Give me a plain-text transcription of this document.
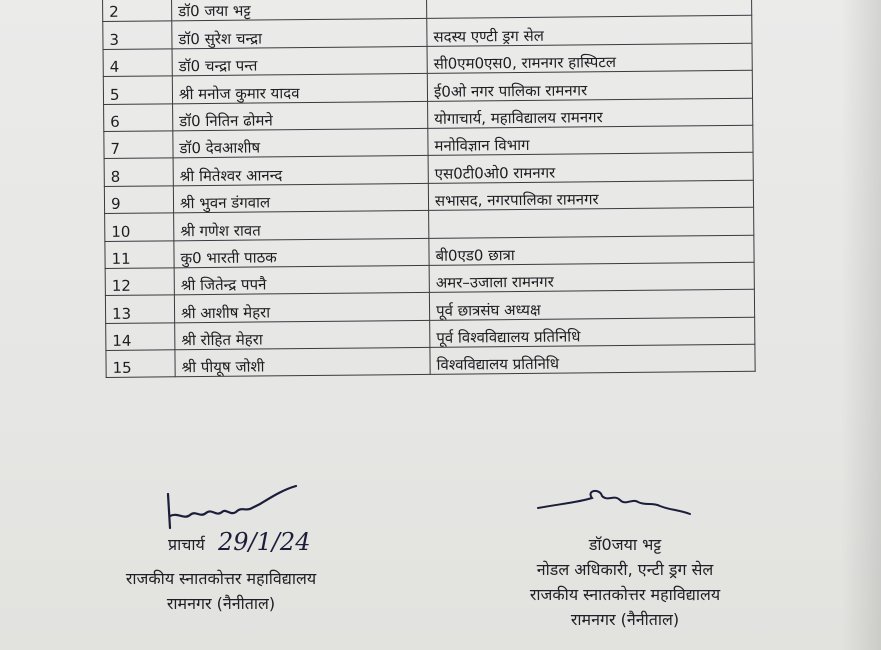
2	डॉ0 जया भट्ट	
3	डॉ0 सुरेश चन्द्रा	सदस्य एण्टी ड्रग सेल
4	डॉ0 चन्द्रा पन्त	सी0एम0एस0, रामनगर हास्पिटल
5	श्री मनोज कुमार यादव	ई0ओ नगर पालिका रामनगर
6	डॉ0 नितिन ढोमने	योगाचार्य, महाविद्यालय रामनगर
7	डॉ0 देवआशीष	मनोविज्ञान विभाग
8	श्री मितेश्वर आनन्द	एस0टी0ओ0 रामनगर
9	श्री भुवन डंगवाल	सभासद, नगरपालिका रामनगर
10	श्री गणेश रावत	
11	कु0 भारती पाठक	बी0एड0 छात्रा
12	श्री जितेन्द्र पपनै	अमर–उजाला रामनगर
13	श्री आशीष मेहरा	पूर्व छात्रसंघ अध्यक्ष
14	श्री रोहित मेहरा	पूर्व विश्वविद्यालय प्रतिनिधि
15	श्री पीयूष जोशी	विश्वविद्यालय प्रतिनिधि
प्राचार्य 29/1/24
राजकीय स्नातकोत्तर महाविद्यालय
रामनगर (नैनीताल)
डॉ0जया भट्ट
नोडल अधिकारी, एन्टी ड्रग सेल
राजकीय स्नातकोत्तर महाविद्यालय
रामनगर (नैनीताल)
